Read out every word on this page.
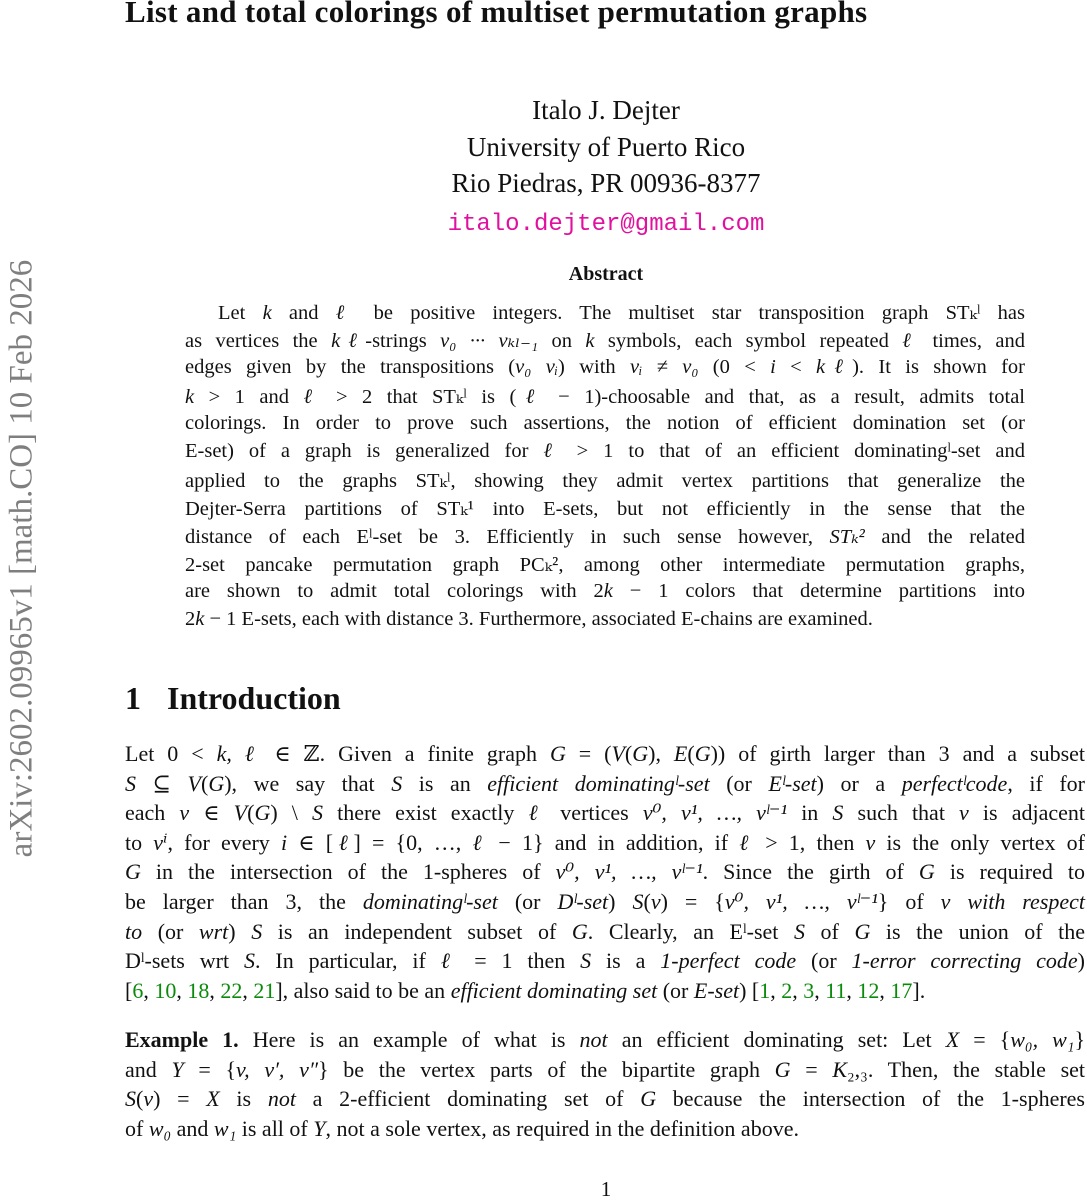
arXiv:2602.09965v1 [math.CO] 10 Feb 2026
List and total colorings of multiset permutation graphs
Italo J. Dejter
University of Puerto Rico
Rio Piedras, PR 00936-8377
italo.dejter@gmail.com
Abstract
Let k and ℓ be positive integers. The multiset star transposition graph STₖˡ has
as vertices the kℓ-strings v₀ ··· vₖₗ₋₁ on k symbols, each symbol repeated ℓ times, and
edges given by the transpositions (v₀ vᵢ) with vᵢ ≠ v₀ (0 < i < kℓ). It is shown for
k > 1 and ℓ > 2 that STₖˡ is (ℓ − 1)-choosable and that, as a result, admits total
colorings. In order to prove such assertions, the notion of efficient domination set (or
E-set) of a graph is generalized for ℓ > 1 to that of an efficient dominatingˡ-set and
applied to the graphs STₖˡ, showing they admit vertex partitions that generalize the
Dejter-Serra partitions of STₖ¹ into E-sets, but not efficiently in the sense that the
distance of each Eˡ-set be 3. Efficiently in such sense however, STₖ² and the related
2-set pancake permutation graph PCₖ², among other intermediate permutation graphs,
are shown to admit total colorings with 2k − 1 colors that determine partitions into
2k − 1 E-sets, each with distance 3. Furthermore, associated E-chains are examined.
1 Introduction
Let 0 < k, ℓ ∈ ℤ. Given a finite graph G = (V(G), E(G)) of girth larger than 3 and a subset
S ⊆ V(G), we say that S is an efficient dominatingˡ-set (or Eˡ-set) or a perfectˡcode, if for
each v ∈ V(G) \ S there exist exactly ℓ vertices v⁰, v¹, …, vˡ⁻¹ in S such that v is adjacent
to vⁱ, for every i ∈ [ℓ] = {0, …, ℓ − 1} and in addition, if ℓ > 1, then v is the only vertex of
G in the intersection of the 1-spheres of v⁰, v¹, …, vˡ⁻¹. Since the girth of G is required to
be larger than 3, the dominatingˡ-set (or Dˡ-set) S(v) = {v⁰, v¹, …, vˡ⁻¹} of v with respect
to (or wrt) S is an independent subset of G. Clearly, an Eˡ-set S of G is the union of the
Dˡ-sets wrt S. In particular, if ℓ = 1 then S is a 1-perfect code (or 1-error correcting code)
[6, 10, 18, 22, 21], also said to be an efficient dominating set (or E-set) [1, 2, 3, 11, 12, 17].
Example 1. Here is an example of what is not an efficient dominating set: Let X = {w₀, w₁}
and Y = {v, v′, v″} be the vertex parts of the bipartite graph G = K₂,₃. Then, the stable set
S(v) = X is not a 2-efficient dominating set of G because the intersection of the 1-spheres
of w₀ and w₁ is all of Y, not a sole vertex, as required in the definition above.
1
